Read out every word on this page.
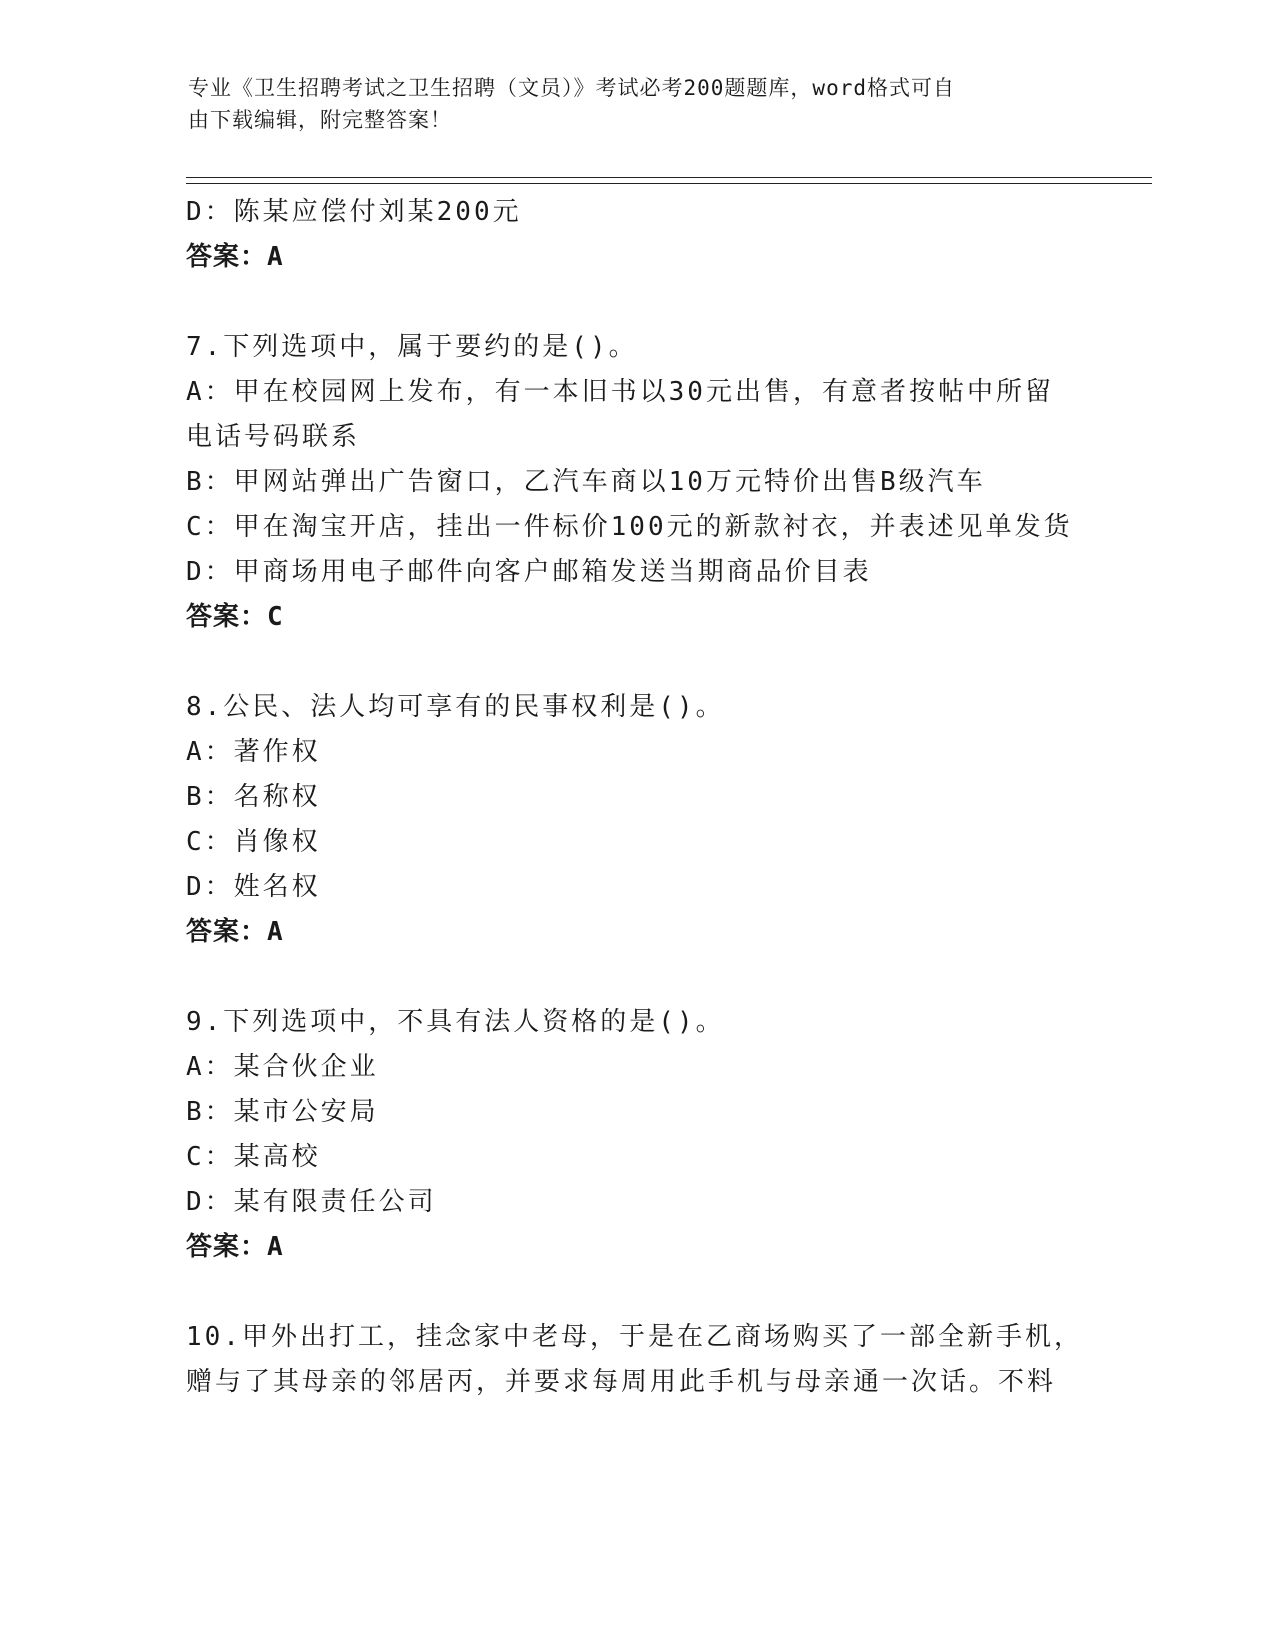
专业《卫生招聘考试之卫生招聘（文员）》考试必考200题题库，word格式可自
由下载编辑，附完整答案！
D：陈某应偿付刘某200元
答案：A
7.下列选项中，属于要约的是()。
A：甲在校园网上发布，有一本旧书以30元出售，有意者按帖中所留
电话号码联系
B：甲网站弹出广告窗口，乙汽车商以10万元特价出售B级汽车
C：甲在淘宝开店，挂出一件标价100元的新款衬衣，并表述见单发货
D：甲商场用电子邮件向客户邮箱发送当期商品价目表
答案：C
8.公民、法人均可享有的民事权利是()。
A：著作权
B：名称权
C：肖像权
D：姓名权
答案：A
9.下列选项中，不具有法人资格的是()。
A：某合伙企业
B：某市公安局
C：某高校
D：某有限责任公司
答案：A
10.甲外出打工，挂念家中老母，于是在乙商场购买了一部全新手机，
赠与了其母亲的邻居丙，并要求每周用此手机与母亲通一次话。不料
